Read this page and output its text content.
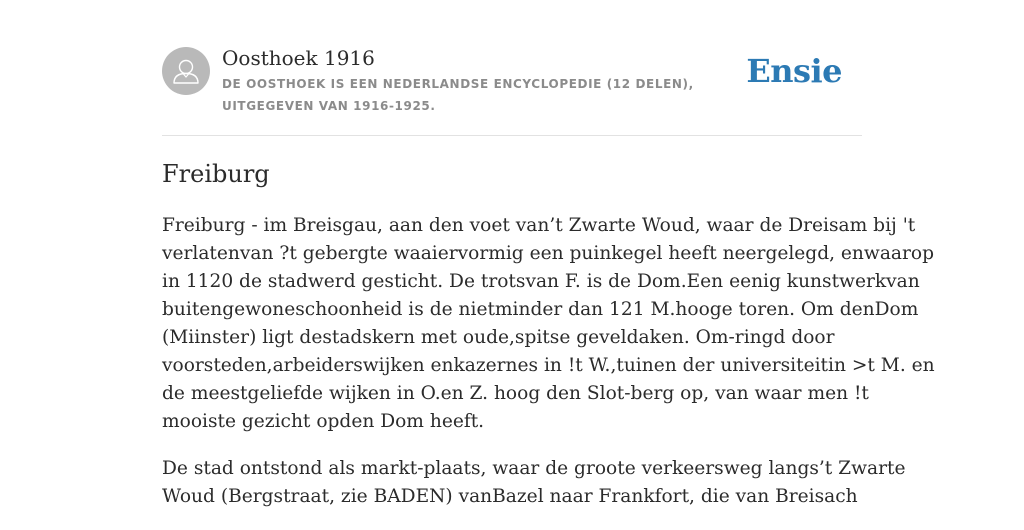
Oosthoek 1916
DE OOSTHOEK IS EEN NEDERLANDSE ENCYCLOPEDIE (12 DELEN), UITGEGEVEN VAN 1916-1925.
Ensie
Freiburg

Freiburg - im Breisgau, aan den voet van’t Zwarte Woud, waar de Dreisam bij 't
verlatenvan ?t gebergte waaiervormig een puinkegel heeft neergelegd, enwaarop
in 1120 de stadwerd gesticht. De trotsvan F. is de Dom.Een eenig kunstwerkvan
buitengewoneschoonheid is de nietminder dan 121 M.hooge toren. Om denDom
(Miinster) ligt destadskern met oude,spitse geveldaken. Om-ringd door
voorsteden,arbeiderswijken enkazernes in !t W.,tuinen der universiteitin >t M. en
de meestgeliefde wijken in O.en Z. hoog den Slot-berg op, van waar men !t
mooiste gezicht opden Dom heeft.

De stad ontstond als markt-plaats, waar de groote verkeersweg langs’t Zwarte
Woud (Bergstraat, zie BADEN) vanBazel naar Frankfort, die van Breisach
